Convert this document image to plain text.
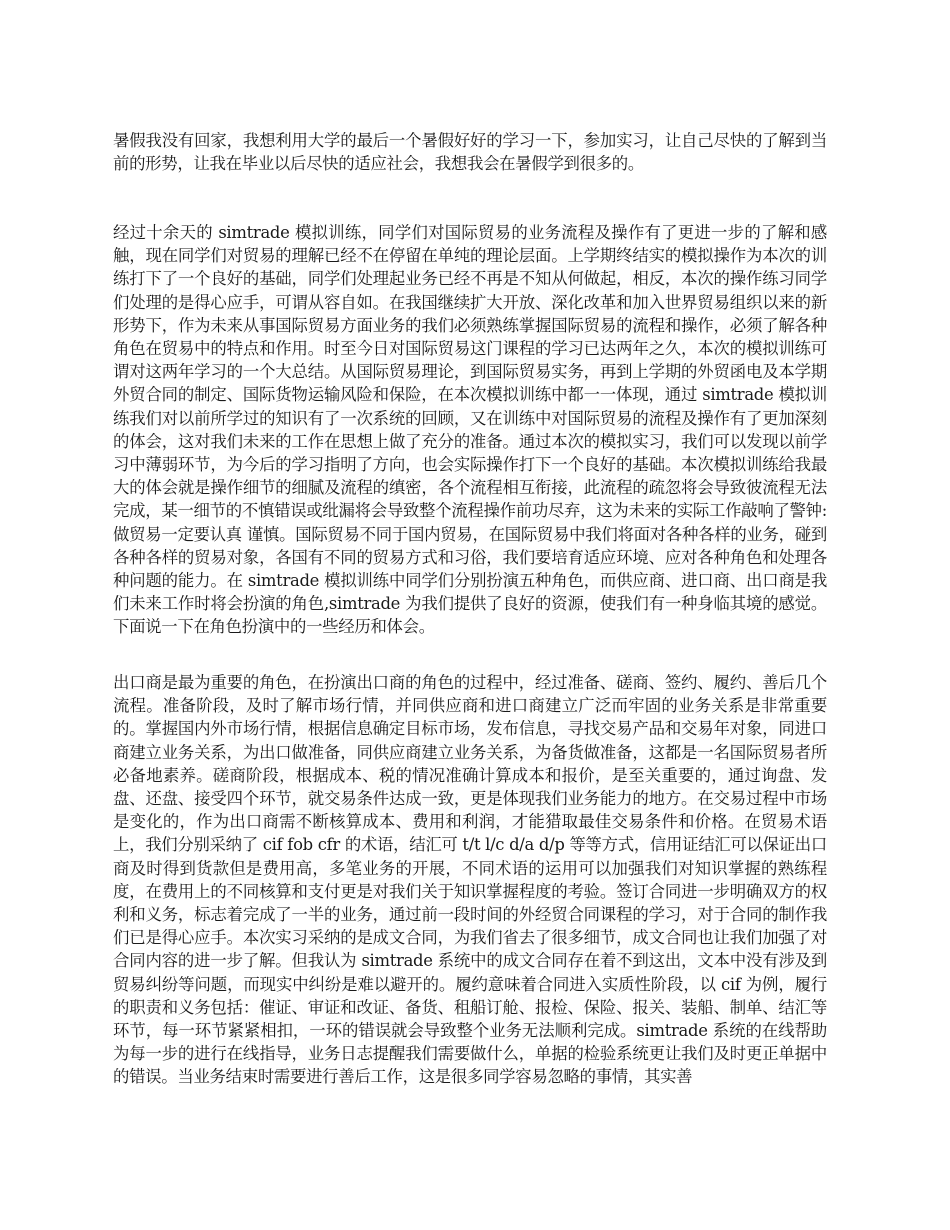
暑假我没有回家，我想利用大学的最后一个暑假好好的学习一下，参加实习，让自己尽快的了解到当前的形势，让我在毕业以后尽快的适应社会，我想我会在暑假学到很多的。

经过十余天的 simtrade 模拟训练，同学们对国际贸易的业务流程及操作有了更进一步的了解和感触，现在同学们对贸易的理解已经不在停留在单纯的理论层面。上学期终结实的模拟操作为本次的训练打下了一个良好的基础，同学们处理起业务已经不再是不知从何做起，相反，本次的操作练习同学们处理的是得心应手，可谓从容自如。在我国继续扩大开放、深化改革和加入世界贸易组织以来的新形势下，作为未来从事国际贸易方面业务的我们必须熟练掌握国际贸易的流程和操作，必须了解各种角色在贸易中的特点和作用。时至今日对国际贸易这门课程的学习已达两年之久，本次的模拟训练可谓对这两年学习的一个大总结。从国际贸易理论，到国际贸易实务，再到上学期的外贸函电及本学期外贸合同的制定、国际货物运输风险和保险，在本次模拟训练中都一一体现，通过 simtrade 模拟训练我们对以前所学过的知识有了一次系统的回顾，又在训练中对国际贸易的流程及操作有了更加深刻的体会，这对我们未来的工作在思想上做了充分的准备。通过本次的模拟实习，我们可以发现以前学习中薄弱环节，为今后的学习指明了方向，也会实际操作打下一个良好的基础。本次模拟训练给我最大的体会就是操作细节的细腻及流程的缜密，各个流程相互衔接，此流程的疏忽将会导致彼流程无法完成，某一细节的不慎错误或纰漏将会导致整个流程操作前功尽弃，这为未来的实际工作敲响了警钟:做贸易一定要认真 谨慎。国际贸易不同于国内贸易，在国际贸易中我们将面对各种各样的业务，碰到各种各样的贸易对象，各国有不同的贸易方式和习俗，我们要培育适应环境、应对各种角色和处理各种问题的能力。在 simtrade 模拟训练中同学们分别扮演五种角色，而供应商、进口商、出口商是我们未来工作时将会扮演的角色,simtrade 为我们提供了良好的资源，使我们有一种身临其境的感觉。下面说一下在角色扮演中的一些经历和体会。

出口商是最为重要的角色，在扮演出口商的角色的过程中，经过准备、磋商、签约、履约、善后几个流程。准备阶段，及时了解市场行情，并同供应商和进口商建立广泛而牢固的业务关系是非常重要的。掌握国内外市场行情，根据信息确定目标市场，发布信息，寻找交易产品和交易年对象，同进口商建立业务关系，为出口做准备，同供应商建立业务关系，为备货做准备，这都是一名国际贸易者所必备地素养。磋商阶段，根据成本、税的情况准确计算成本和报价，是至关重要的，通过询盘、发盘、还盘、接受四个环节，就交易条件达成一致，更是体现我们业务能力的地方。在交易过程中市场是变化的，作为出口商需不断核算成本、费用和利润，才能猎取最佳交易条件和价格。在贸易术语上，我们分别采纳了 cif fob cfr 的术语，结汇可 t/t l/c d/a d/p 等等方式，信用证结汇可以保证出口商及时得到货款但是费用高，多笔业务的开展，不同术语的运用可以加强我们对知识掌握的熟练程度，在费用上的不同核算和支付更是对我们关于知识掌握程度的考验。签订合同进一步明确双方的权利和义务，标志着完成了一半的业务，通过前一段时间的外经贸合同课程的学习，对于合同的制作我们已是得心应手。本次实习采纳的是成文合同，为我们省去了很多细节，成文合同也让我们加强了对合同内容的进一步了解。但我认为 simtrade 系统中的成文合同存在着不到这出，文本中没有涉及到贸易纠纷等问题，而现实中纠纷是难以避开的。履约意味着合同进入实质性阶段，以 cif 为例，履行的职责和义务包括：催证、审证和改证、备货、租船订舱、报检、保险、报关、装船、制单、结汇等环节，每一环节紧紧相扣，一环的错误就会导致整个业务无法顺利完成。simtrade 系统的在线帮助为每一步的进行在线指导，业务日志提醒我们需要做什么，单据的检验系统更让我们及时更正单据中的错误。当业务结束时需要进行善后工作，这是很多同学容易忽略的事情，其实善
